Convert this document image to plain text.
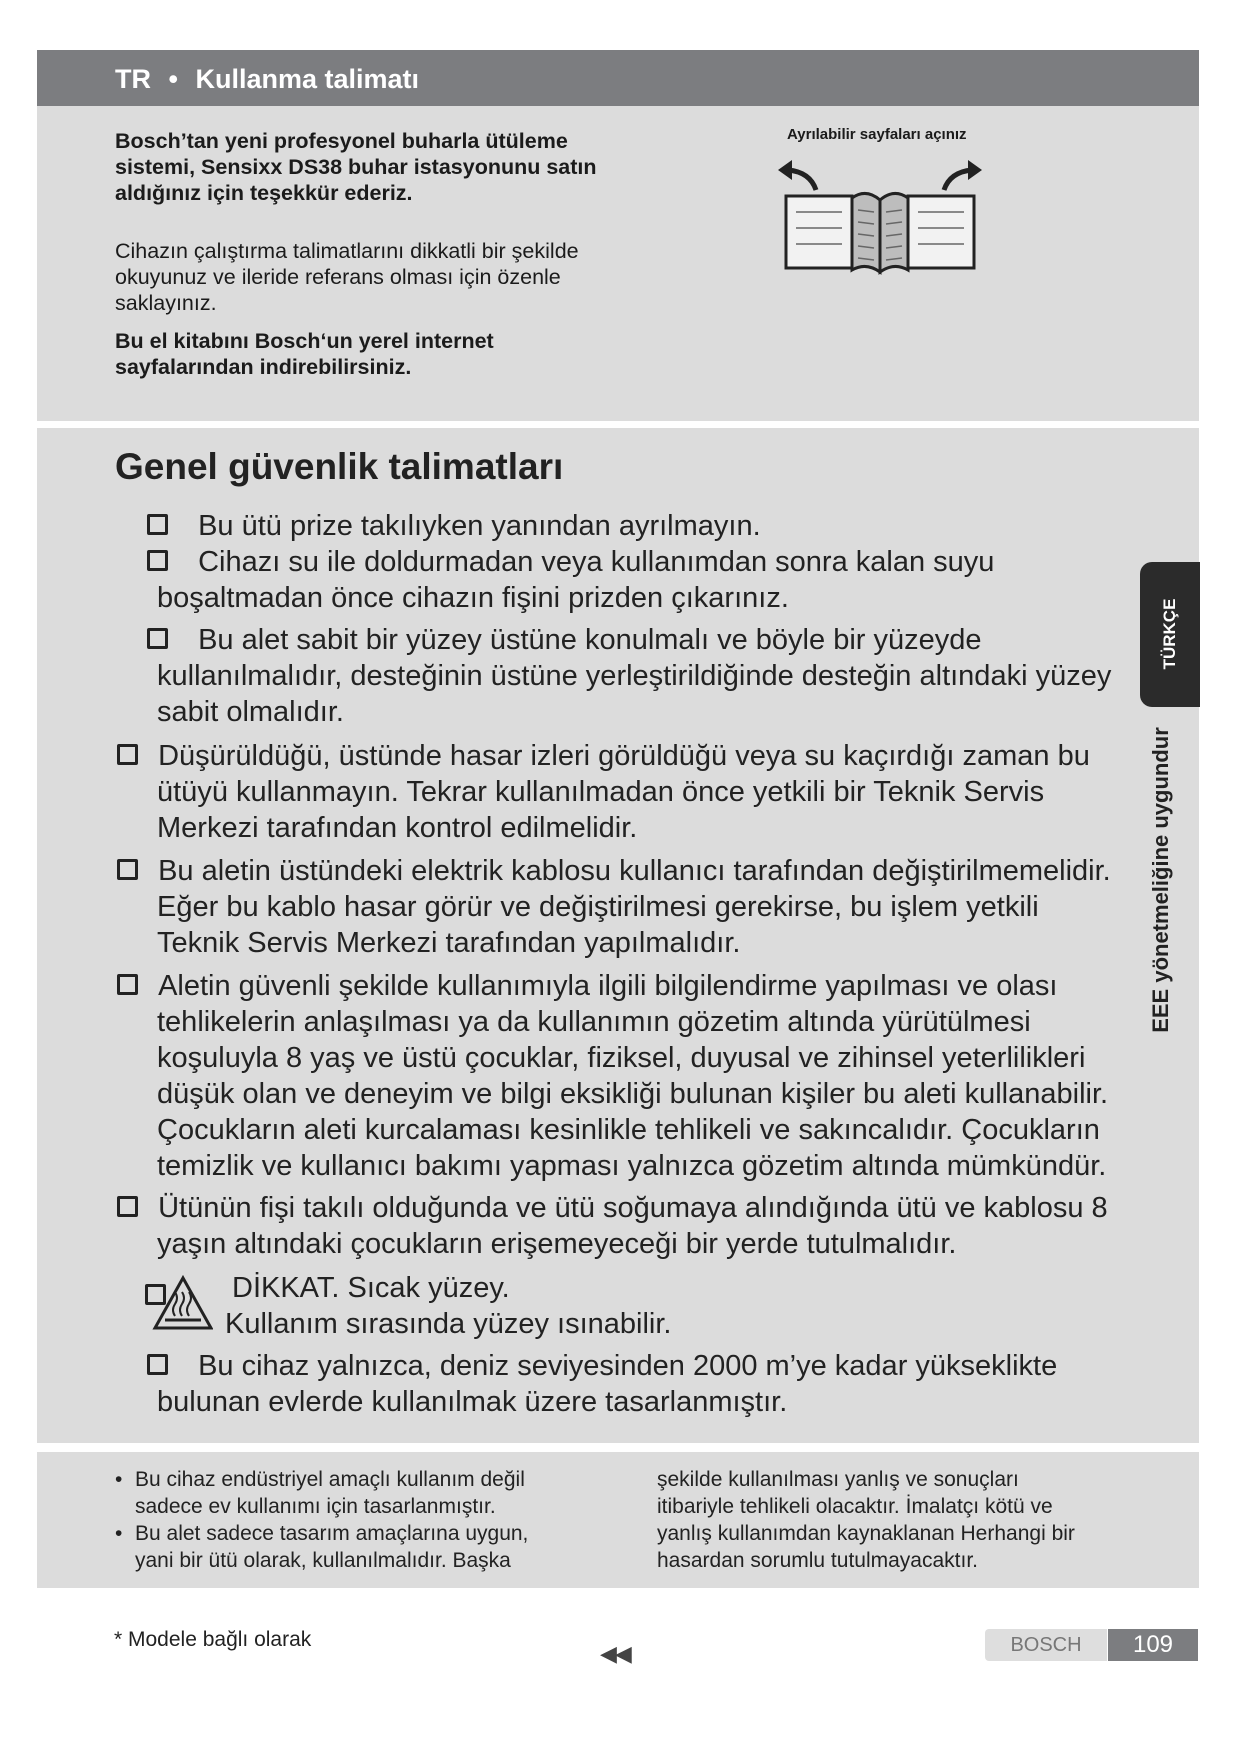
TR • Kullanma talimatı
Bosch’tan yeni profesyonel buharla ütüleme sistemi, Sensixx DS38 buhar istasyonunu satın aldığınız için teşekkür ederiz.
Cihazın çalıştırma talimatlarını dikkatli bir şekilde okuyunuz ve ileride referans olması için özenle saklayınız.
Bu el kitabını Bosch‘un yerel internet sayfalarından indirebilirsiniz.
Ayrılabilir sayfaları açınız
Genel güvenlik talimatları
Bu ütü prize takılıyken yanından ayrılmayın.
Cihazı su ile doldurmadan veya kullanımdan sonra kalan suyu
boşaltmadan önce cihazın fişini prizden çıkarınız.
Bu alet sabit bir yüzey üstüne konulmalı ve böyle bir yüzeyde
kullanılmalıdır, desteğinin üstüne yerleştirildiğinde desteğin altındaki yüzey
sabit olmalıdır.
Düşürüldüğü, üstünde hasar izleri görüldüğü veya su kaçırdığı zaman bu
ütüyü kullanmayın. Tekrar kullanılmadan önce yetkili bir Teknik Servis
Merkezi tarafından kontrol edilmelidir.
Bu aletin üstündeki elektrik kablosu kullanıcı tarafından değiştirilmemelidir.
Eğer bu kablo hasar görür ve değiştirilmesi gerekirse, bu işlem yetkili
Teknik Servis Merkezi tarafından yapılmalıdır.
Aletin güvenli şekilde kullanımıyla ilgili bilgilendirme yapılması ve olası
tehlikelerin anlaşılması ya da kullanımın gözetim altında yürütülmesi
koşuluyla 8 yaş ve üstü çocuklar, fiziksel, duyusal ve zihinsel yeterlilikleri
düşük olan ve deneyim ve bilgi eksikliği bulunan kişiler bu aleti kullanabilir.
Çocukların aleti kurcalaması kesinlikle tehlikeli ve sakıncalıdır. Çocukların
temizlik ve kullanıcı bakımı yapması yalnızca gözetim altında mümkündür.
Ütünün fişi takılı olduğunda ve ütü soğumaya alındığında ütü ve kablosu 8
yaşın altındaki çocukların erişemeyeceği bir yerde tutulmalıdır.
DİKKAT. Sıcak yüzey.
Kullanım sırasında yüzey ısınabilir.
Bu cihaz yalnızca, deniz seviyesinden 2000 m’ye kadar yükseklikte
bulunan evlerde kullanılmak üzere tasarlanmıştır.
• Bu cihaz endüstriyel amaçlı kullanım değil
sadece ev kullanımı için tasarlanmıştır.
• Bu alet sadece tasarım amaçlarına uygun,
yani bir ütü olarak, kullanılmalıdır. Başka
şekilde kullanılması yanlış ve sonuçları
itibariyle tehlikeli olacaktır. İmalatçı kötü ve
yanlış kullanımdan kaynaklanan Herhangi bir
hasardan sorumlu tutulmayacaktır.
* Modele bağlı olarak
◀◀	BOSCH	109
TÜRKÇE
EEE yönetmeliğine uygundur
